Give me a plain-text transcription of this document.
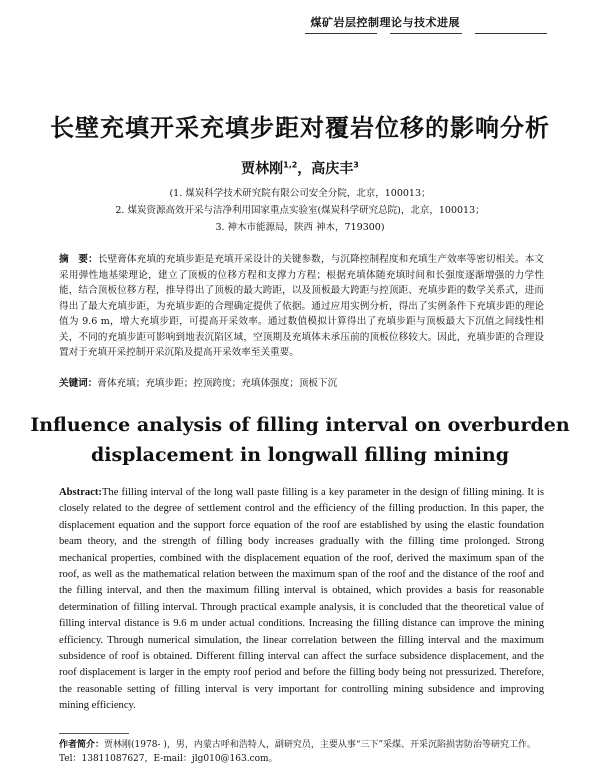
煤矿岩层控制理论与技术进展
长壁充填开采充填步距对覆岩位移的影响分析
贾林刚$^{1,2}$，高庆丰$^3$
(1. 煤炭科学技术研究院有限公司安全分院，北京，100013；
2. 煤炭资源高效开采与洁净利用国家重点实验室(煤炭科学研究总院)，北京，100013；
3. 神木市能源局，陕西 神木，719300)
摘　要：长壁膏体充填的充填步距是充填开采设计的关键参数，与沉降控制程度和充填生产效率等密切相关。本文采用弹性地基梁理论，建立了顶板的位移方程和支撑力方程；根据充填体随充填时间和长强度逐渐增强的力学性能，结合顶板位移方程，推导得出了顶板的最大跨距，以及顶板最大跨距与控顶距、充填步距的数学关系式，进而得出了最大充填步距，为充填步距的合理确定提供了依据。通过应用实例分析，得出了实例条件下充填步距的理论值为 9.6 m，增大充填步距，可提高开采效率。通过数值模拟计算得出了充填步距与顶板最大下沉值之间线性相关，不同的充填步距可影响到地表沉陷区域，空顶期及充填体未承压前的顶板位移较大。因此，充填步距的合理设置对于充填开采控制开采沉陷及提高开采效率至关重要。
关键词：膏体充填；充填步距；控顶跨度；充填体强度；顶板下沉
Influence analysis of filling interval on overburden
displacement in longwall filling mining
Abstract:The filling interval of the long wall paste filling is a key parameter in the design of filling mining. It is closely related to the degree of settlement control and the efficiency of the filling production. In this paper, the displacement equation and the support force equation of the roof are established by using the elastic foundation beam theory, and the strength of filling body increases gradually with the filling time prolonged. Strong mechanical properties, combined with the displacement equation of the roof, derived the maximum span of the roof, as well as the mathematical relation between the maximum span of the roof and the distance of the roof and the filling interval, and then the maximum filling interval is obtained, which provides a basis for reasonable determination of filling interval. Through practical example analysis, it is concluded that the theoretical value of filling interval distance is 9.6 m under actual conditions. Increasing the filling distance can improve the mining efficiency. Through numerical simulation, the linear correlation between the filling interval and the maximum subsidence of roof is obtained. Different filling interval can affect the surface subsidence displacement, and the roof displacement is larger in the empty roof period and before the filling body being not pressurized. Therefore, the reasonable setting of filling interval is very important for controlling mining subsidence and improving mining efficiency.
作者简介：贾林刚(1978- )，男，内蒙古呼和浩特人，副研究员，主要从事“三下”采煤、开采沉陷损害防治等研究工作。
Tel：13811087627，E-mail：jlg010@163.com。
